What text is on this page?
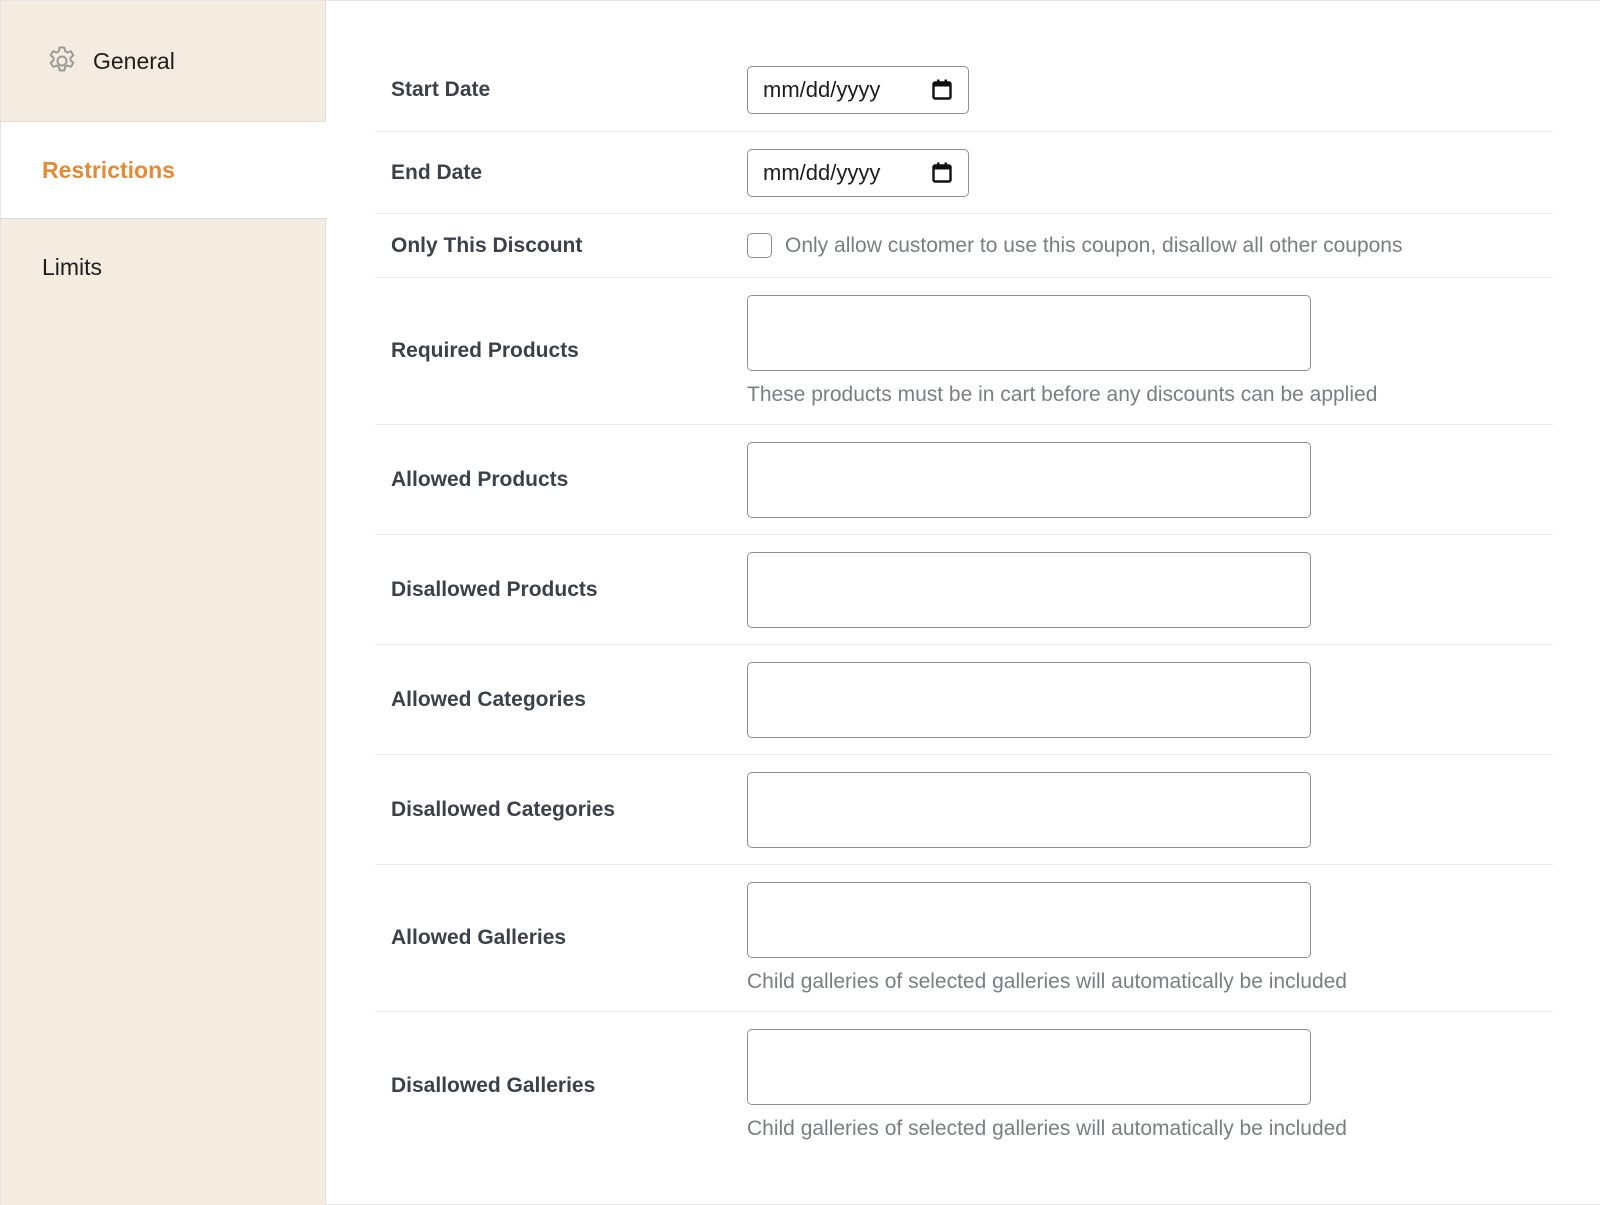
General
Restrictions
Limits
Start Date	mm/dd/yyyy
End Date	mm/dd/yyyy
Only This Discount	Only allow customer to use this coupon, disallow all other coupons
Required Products
These products must be in cart before any discounts can be applied
Allowed Products
Disallowed Products
Allowed Categories
Disallowed Categories
Allowed Galleries
Child galleries of selected galleries will automatically be included
Disallowed Galleries
Child galleries of selected galleries will automatically be included
